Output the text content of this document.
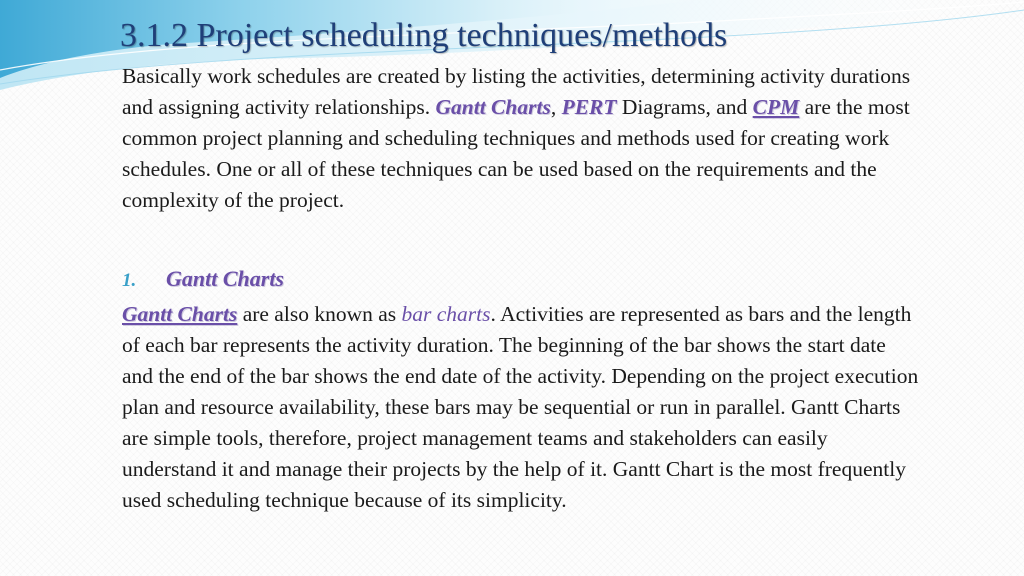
3.1.2 Project scheduling techniques/methods

Basically work schedules are created by listing the activities, determining activity durations and assigning activity relationships. Gantt Charts, PERT Diagrams, and CPM are the most common project planning and scheduling techniques and methods used for creating work schedules. One or all of these techniques can be used based on the requirements and the complexity of the project.

1.	Gantt Charts

Gantt Charts are also known as bar charts. Activities are represented as bars and the length of each bar represents the activity duration. The beginning of the bar shows the start date and the end of the bar shows the end date of the activity. Depending on the project execution plan and resource availability, these bars may be sequential or run in parallel. Gantt Charts are simple tools, therefore, project management teams and stakeholders can easily understand it and manage their projects by the help of it. Gantt Chart is the most frequently used scheduling technique because of its simplicity.
